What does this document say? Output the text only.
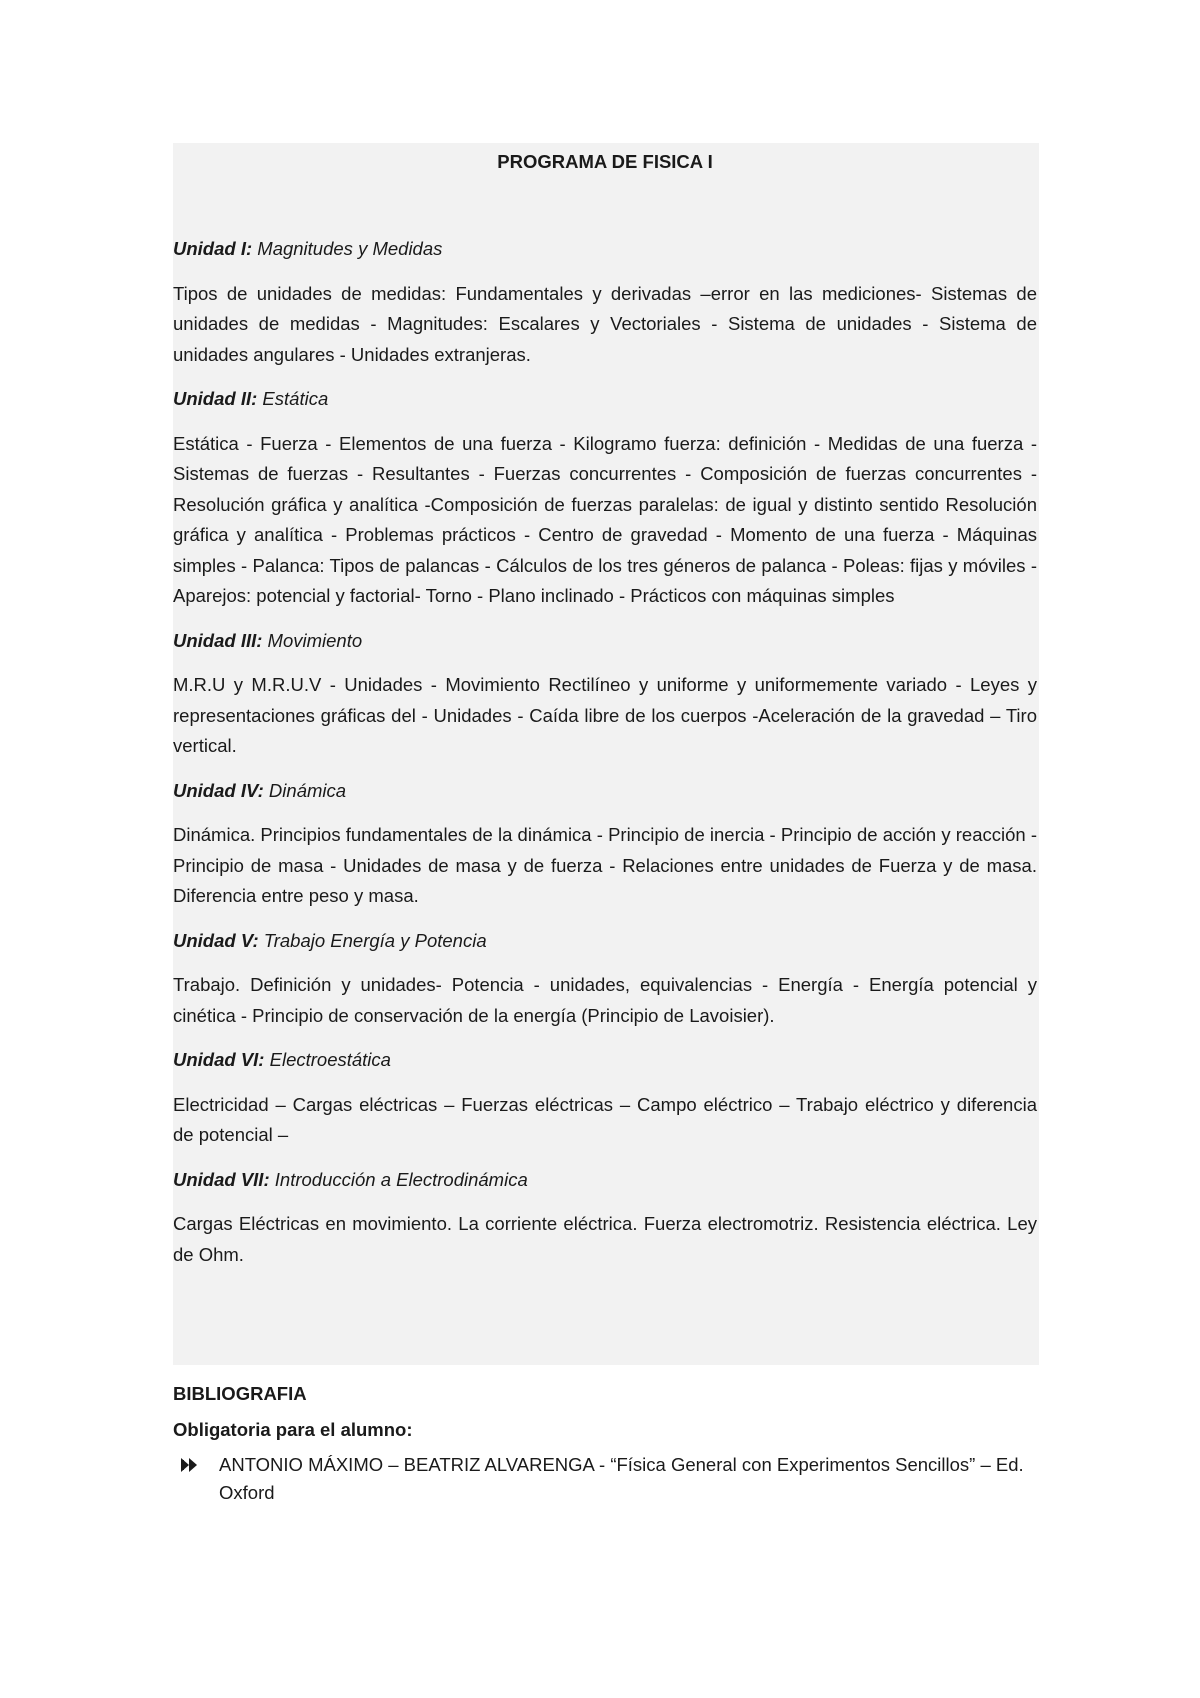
PROGRAMA DE FISICA I

Unidad I: Magnitudes y Medidas

Tipos de unidades de medidas: Fundamentales y derivadas –error en las mediciones- Sistemas de unidades de medidas - Magnitudes: Escalares y Vectoriales - Sistema de unidades - Sistema de unidades angulares - Unidades extranjeras.

Unidad II: Estática

Estática - Fuerza - Elementos de una fuerza - Kilogramo fuerza: definición - Medidas de una fuerza - Sistemas de fuerzas - Resultantes - Fuerzas concurrentes - Composición de fuerzas concurrentes - Resolución gráfica y analítica -Composición de fuerzas paralelas: de igual y distinto sentido Resolución gráfica y analítica - Problemas prácticos - Centro de gravedad - Momento de una fuerza - Máquinas simples - Palanca: Tipos de palancas - Cálculos de los tres géneros de palanca - Poleas: fijas y móviles - Aparejos: potencial y factorial- Torno - Plano inclinado - Prácticos con máquinas simples

Unidad III: Movimiento

M.R.U y M.R.U.V - Unidades - Movimiento Rectilíneo y uniforme y uniformemente variado - Leyes y representaciones gráficas del - Unidades - Caída libre de los cuerpos -Aceleración de la gravedad – Tiro vertical.

Unidad IV: Dinámica

Dinámica. Principios fundamentales de la dinámica - Principio de inercia - Principio de acción y reacción - Principio de masa - Unidades de masa y de fuerza - Relaciones entre unidades de Fuerza y de masa. Diferencia entre peso y masa.

Unidad V: Trabajo Energía y Potencia

Trabajo. Definición y unidades- Potencia - unidades, equivalencias - Energía - Energía potencial y cinética - Principio de conservación de la energía (Principio de Lavoisier).

Unidad VI: Electroestática

Electricidad – Cargas eléctricas – Fuerzas eléctricas – Campo eléctrico – Trabajo eléctrico y diferencia de potencial –

Unidad VII: Introducción a Electrodinámica

Cargas Eléctricas en movimiento. La corriente eléctrica. Fuerza electromotriz. Resistencia eléctrica. Ley de Ohm.

BIBLIOGRAFIA

Obligatoria para el alumno:

ANTONIO MÁXIMO – BEATRIZ ALVARENGA - “Física General con Experimentos Sencillos” – Ed. Oxford
